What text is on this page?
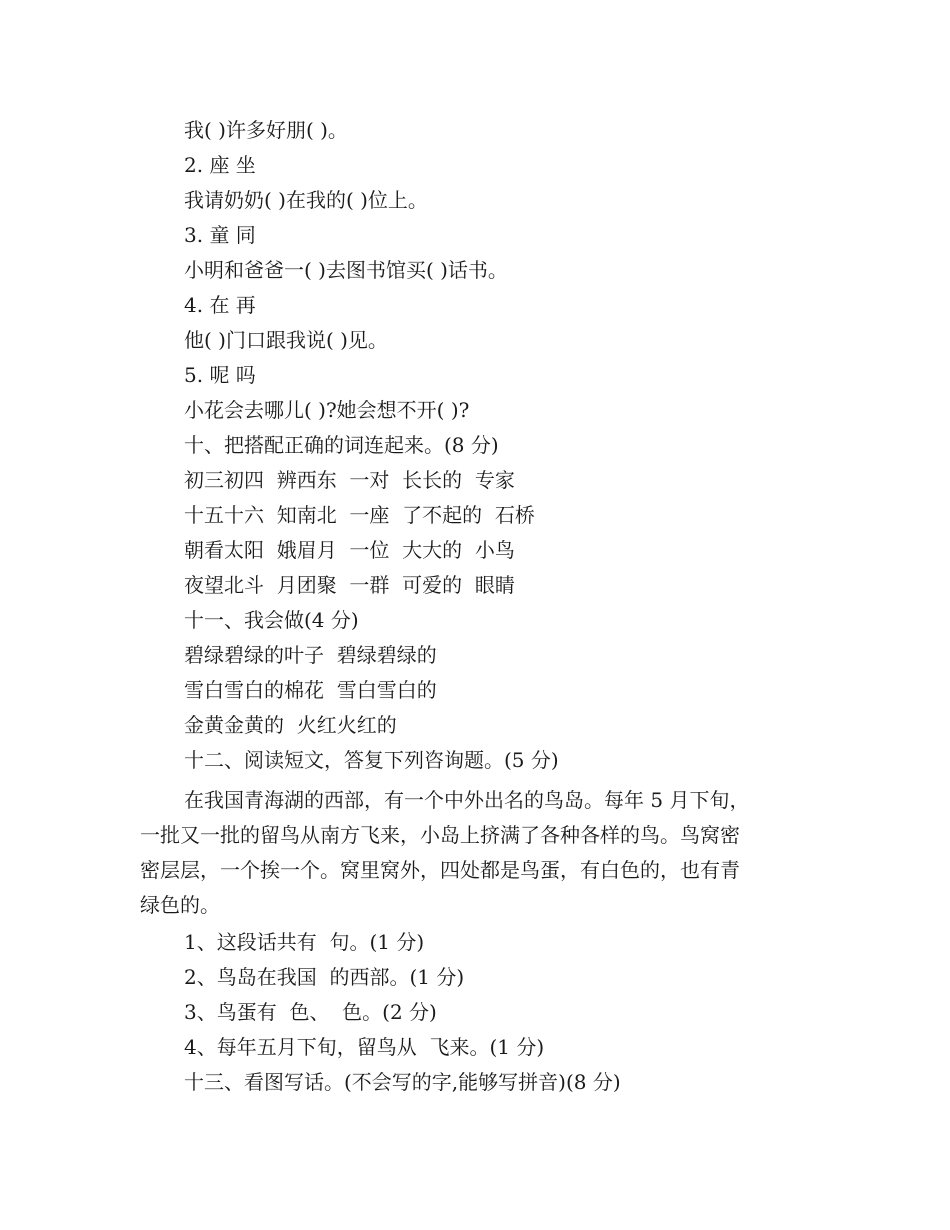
我( )许多好朋( )。
2. 座 坐
我请奶奶( )在我的( )位上。
3. 童 同
小明和爸爸一( )去图书馆买( )话书。
4. 在 再
他( )门口跟我说( )见。
5. 呢 吗
小花会去哪儿( )?她会想不开( )?
十、把搭配正确的词连起来。(8 分)
初三初四  辨西东  一对  长长的  专家
十五十六  知南北  一座  了不起的  石桥
朝看太阳  娥眉月  一位  大大的  小鸟
夜望北斗  月团聚  一群  可爱的  眼睛
十一、我会做(4 分)
碧绿碧绿的叶子  碧绿碧绿的
雪白雪白的棉花  雪白雪白的
金黄金黄的  火红火红的
十二、阅读短文，答复下列咨询题。(5 分)
在我国青海湖的西部，有一个中外出名的鸟岛。每年 5 月下旬，
一批又一批的留鸟从南方飞来，小岛上挤满了各种各样的鸟。鸟窝密
密层层，一个挨一个。窝里窝外，四处都是鸟蛋，有白色的，也有青
绿色的。
1、这段话共有  句。(1 分)
2、鸟岛在我国  的西部。(1 分)
3、鸟蛋有  色、  色。(2 分)
4、每年五月下旬，留鸟从  飞来。(1 分)
十三、看图写话。(不会写的字,能够写拼音)(8 分)
